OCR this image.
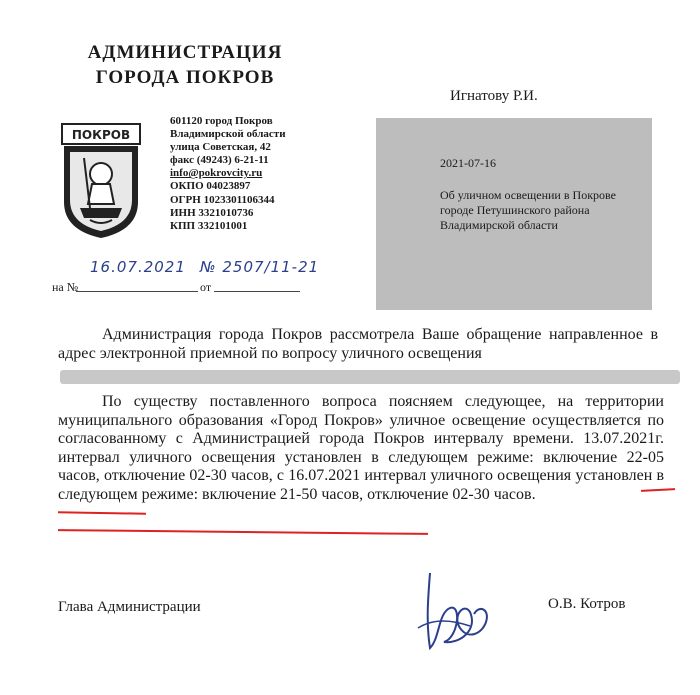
АДМИНИСТРАЦИЯ
ГОРОДА ПОКРОВ
ПОКРОВ
601120 город Покров
Владимирской области
улица Советская, 42
факс (49243) 6-21-11
info@pokrovcity.ru
ОКПО 04023897
ОГРН 1023301106344
ИНН 3321010736
КПП 332101001
16.07.2021 № 2507/11-21
на №	от
Игнатову Р.И.
2021-07-16
Об уличном освещении в Покрове городе Петушинского района Владимирской области
Администрация города Покров рассмотрела Ваше обращение направленное в адрес электронной приемной по вопросу уличного освещения
По существу поставленного вопроса поясняем следующее, на территории муниципального образования «Город Покров» уличное освещение осуществляется по согласованному с Администрацией города Покров интервалу времени. 13.07.2021г. интервал уличного освещения установлен в следующем режиме: включение 22-05 часов, отключение 02-30 часов, с 16.07.2021 интервал уличного освещения установлен в следующем режиме: включение 21-50 часов, отключение 02-30 часов.
Глава Администрации	О.В. Котров
